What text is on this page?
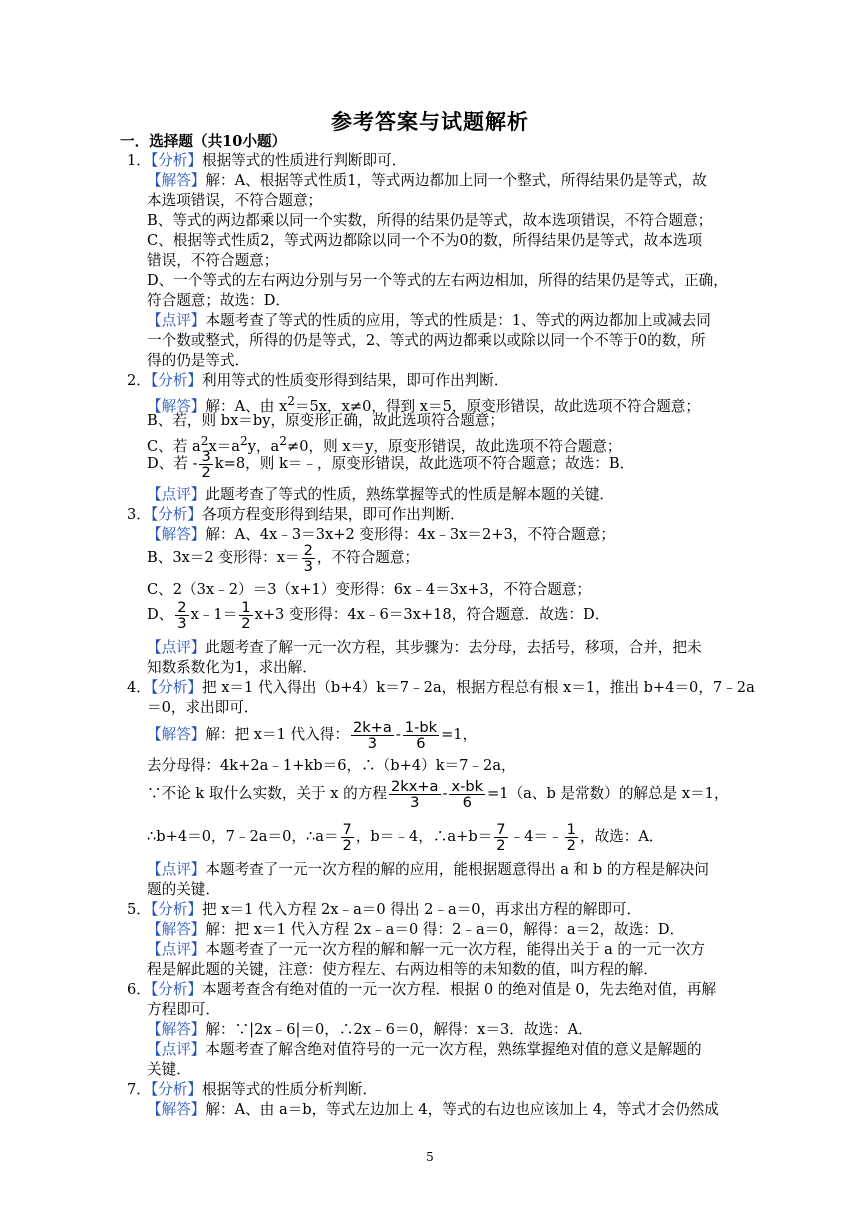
参考答案与试题解析
一．选择题（共10小题）
1．【分析】根据等式的性质进行判断即可．
【解答】解：A、根据等式性质1，等式两边都加上同一个整式，所得结果仍是等式，故
本选项错误，不符合题意；
B、等式的两边都乘以同一个实数，所得的结果仍是等式，故本选项错误，不符合题意；
C、根据等式性质2，等式两边都除以同一个不为0的数，所得结果仍是等式，故本选项
错误，不符合题意；
D、一个等式的左右两边分别与另一个等式的左右两边相加，所得的结果仍是等式，正确，
符合题意；故选：D．
【点评】本题考查了等式的性质的应用，等式的性质是：1、等式的两边都加上或减去同
一个数或整式，所得的仍是等式，2、等式的两边都乘以或除以同一个不等于0的数，所
得的仍是等式．
2．【分析】利用等式的性质变形得到结果，即可作出判断．
【解答】解：A、由 $x^2=5x$，x≠0，得到 x＝5，原变形错误，故此选项不符合题意；
B、若，则 bx＝by，原变形正确，故此选项符合题意；
C、若 $a^2x=a^2y$，$a^2\ne 0$，则 x＝y，原变形错误，故此选项不符合题意；
D、若 - $\frac{3}{2} k=8$，则 k＝﹣，原变形错误，故此选项不符合题意；故选：B．
【点评】此题考查了等式的性质，熟练掌握等式的性质是解本题的关键．
3．【分析】各项方程变形得到结果，即可作出判断．
【解答】解：A、4x﹣3＝3x+2 变形得：4x﹣3x＝2+3，不符合题意；
B、3x＝2 变形得：$x= \frac{2}{3}$ ，不符合题意；
C、2（3x﹣2）＝3（x+1）变形得：6x﹣4＝3x+3，不符合题意；
D、 $\frac{2}{3}$ x﹣1＝ $\frac{1}{2} x+3$ 变形得：4x﹣6＝3x+18，符合题意．故选：D．
【点评】此题考查了解一元一次方程，其步骤为：去分母，去括号，移项，合并，把未
知数系数化为1，求出解．
4．【分析】把 x＝1 代入得出（b+4）k＝7﹣2a，根据方程总有根 x＝1，推出 b+4＝0，7﹣2a
＝0，求出即可．
【解答】解：把 x＝1 代入得： $\frac{2k+a}{3} - \frac{1-bk}{6} =1$，
去分母得：4k+2a﹣1+kb＝6，∴（b+4）k＝7﹣2a，
∵不论 k 取什么实数，关于 x 的方程 $\frac{2kx+a}{3} - \frac{x-bk}{6} =1(a$、b 是常数）的解总是 x＝1，
∴b+4＝0，7﹣2a＝0，∴a＝ $\frac{7}{2}$ ，b＝﹣4，∴a+b＝ $\frac{7}{2}$ ﹣4＝﹣ $\frac{1}{2}$ ，故选：A．
【点评】本题考查了一元一次方程的解的应用，能根据题意得出 a 和 b 的方程是解决问
题的关键．
5．【分析】把 x＝1 代入方程 2x﹣a＝0 得出 2﹣a＝0，再求出方程的解即可．
【解答】解：把 x＝1 代入方程 2x﹣a＝0 得：2﹣a＝0，解得：a＝2，故选：D．
【点评】本题考查了一元一次方程的解和解一元一次方程，能得出关于 a 的一元一次方
程是解此题的关键，注意：使方程左、右两边相等的未知数的值，叫方程的解．
6．【分析】本题考查含有绝对值的一元一次方程．根据 0 的绝对值是 0，先去绝对值，再解
方程即可．
【解答】解：∵|2x﹣6|＝0，∴2x﹣6＝0，解得：x＝3．故选：A．
【点评】本题考查了解含绝对值符号的一元一次方程，熟练掌握绝对值的意义是解题的
关键．
7．【分析】根据等式的性质分析判断．
【解答】解：A、由 a＝b，等式左边加上 4，等式的右边也应该加上 4，等式才会仍然成
5
